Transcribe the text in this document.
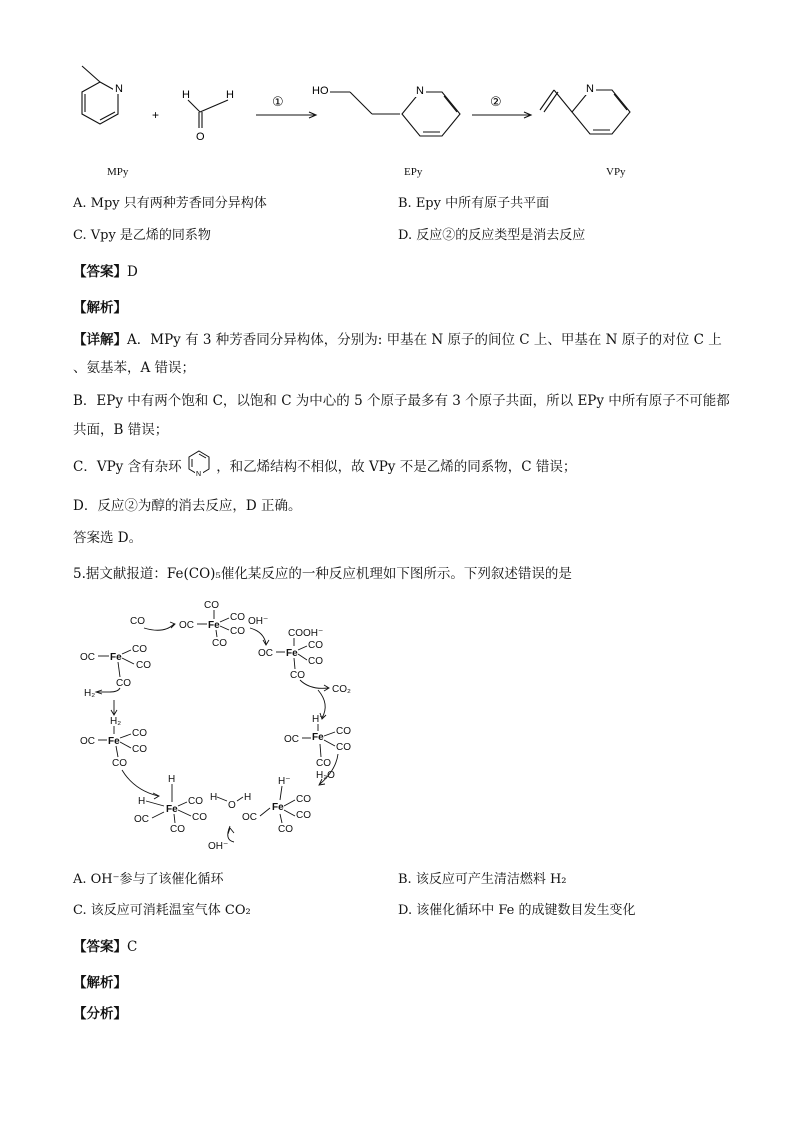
N
+
H	H
O
①
HO	N
②
N
MPy	EPy	VPy
A. Mpy 只有两种芳香同分异构体	B. Epy 中所有原子共平面
C. Vpy 是乙烯的同系物	D. 反应②的反应类型是消去反应
【答案】D
【解析】
【详解】A．MPy 有 3 种芳香同分异构体，分别为: 甲基在 N 原子的间位 C 上、甲基在 N 原子的对位 C 上
、氨基苯，A 错误；
B．EPy 中有两个饱和 C，以饱和 C 为中心的 5 个原子最多有 3 个原子共面，所以 EPy 中所有原子不可能都
共面，B 错误；
C．VPy 含有杂环 N ，和乙烯结构不相似，故 VPy 不是乙烯的同系物，C 错误；
D．反应②为醇的消去反应，D 正确。
答案选 D。
5.据文献报道：Fe(CO)₅催化某反应的一种反应机理如下图所示。下列叙述错误的是
CO
OC Fe
CO
CO
CO
CO
OC Fe
CO
CO
CO
H₂
H₂
OC Fe
CO
CO
CO
H
H
OC
Fe
CO
CO
CO
H
O
H
OH⁻
H⁻
OC
Fe
CO
CO
CO
H₂O
H⁻
OC Fe
CO
CO
CO
OH⁻
COOH⁻
OC Fe
CO
CO
CO
CO₂
A. OH⁻参与了该催化循环	B. 该反应可产生清洁燃料 H₂
C. 该反应可消耗温室气体 CO₂	D. 该催化循环中 Fe 的成键数目发生变化
【答案】C
【解析】
【分析】
